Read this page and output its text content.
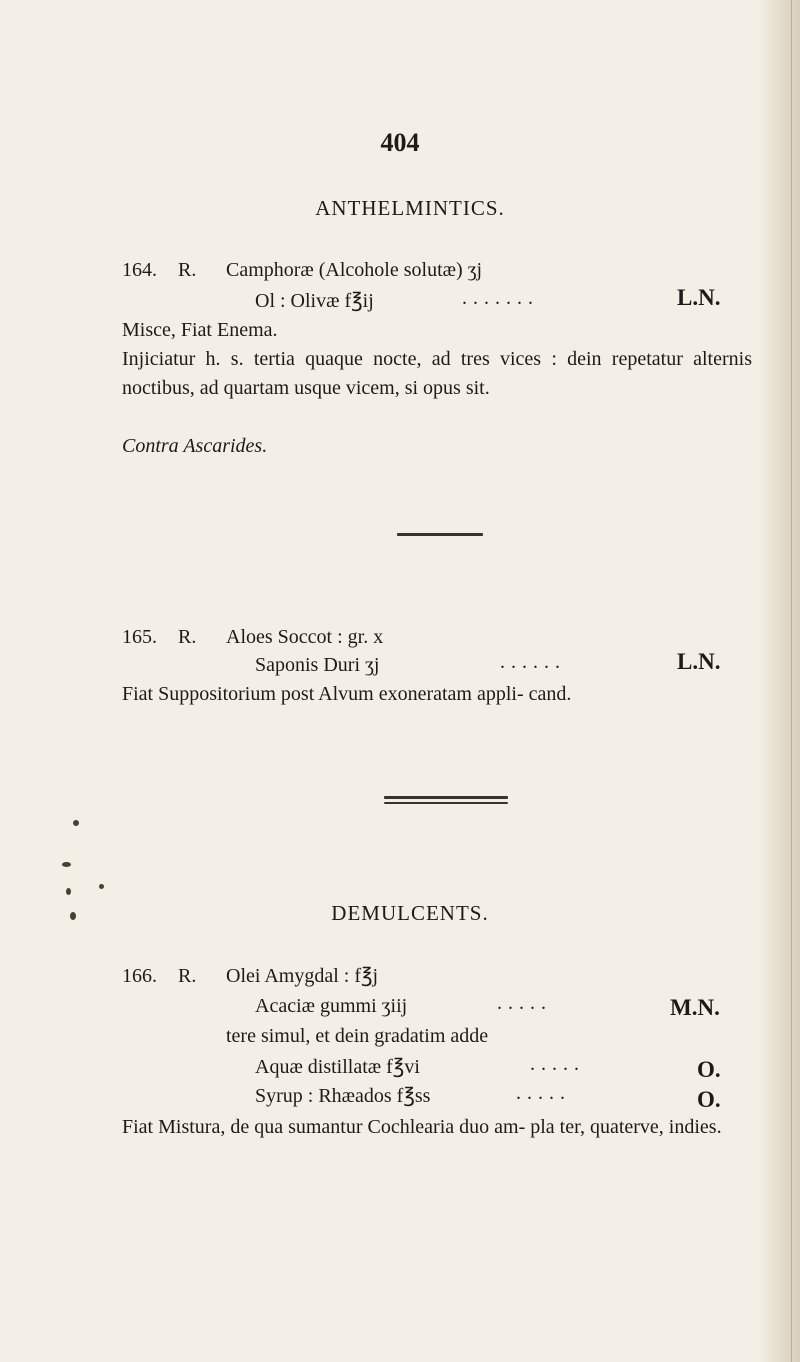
404
ANTHELMINTICS.
164. R. Camphoræ (Alcohole solutæ) ʒj
Ol : Olivæ f℥ij	.......	L.N.
Misce, Fiat Enema.
Injiciatur h. s. tertia quaque nocte, ad tres vices : dein repetatur alternis noctibus, ad quartam usque vicem, si opus sit.
Contra Ascarides.
165. R. Aloes Soccot : gr. x
Saponis Duri ʒj	......	L.N.
Fiat Suppositorium post Alvum exoneratam appli- cand.
DEMULCENTS.
166. R. Olei Amygdal : f℥j
Acaciæ gummi ʒiij	.....	M.N.
tere simul, et dein gradatim adde
Aquæ distillatæ f℥vi	.....	O.
Syrup : Rhæados f℥ss	.....	O.
Fiat Mistura, de qua sumantur Cochlearia duo am- pla ter, quaterve, indies.
